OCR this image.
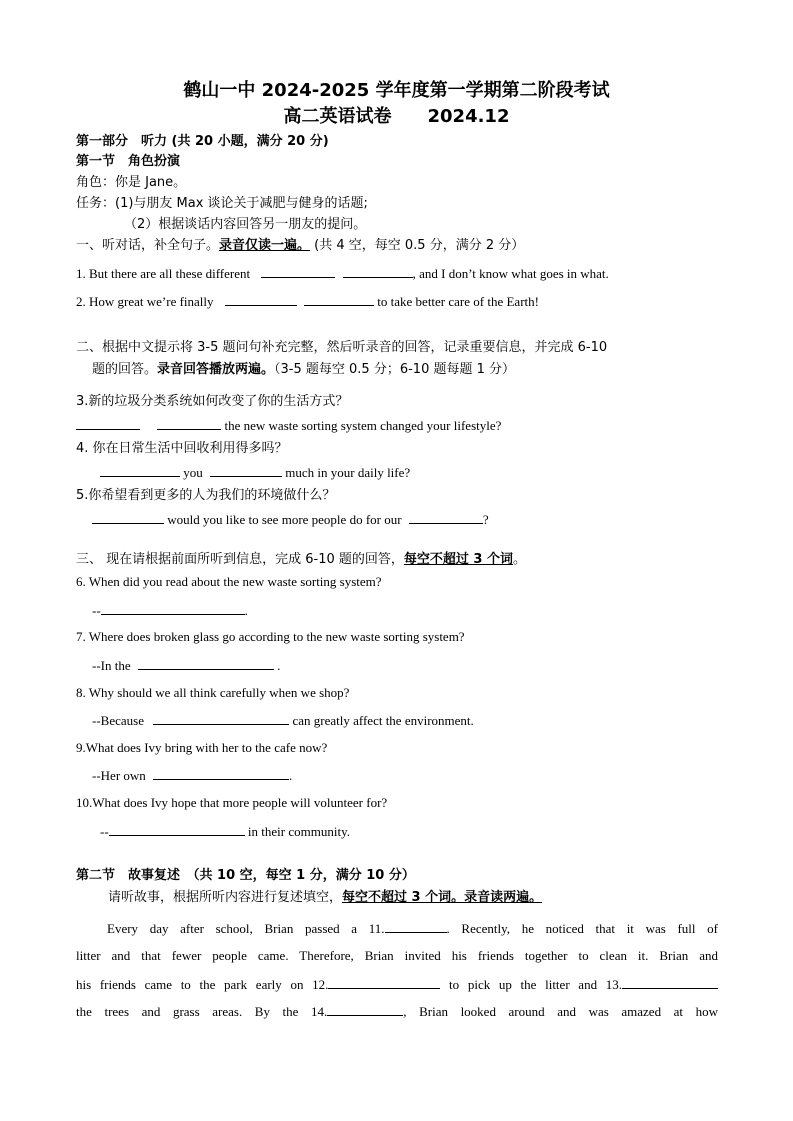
鹤山一中 2024-2025 学年度第一学期第二阶段考试
高二英语试卷　　2024.12
第一部分　听力 (共 20 小题，满分 20 分)
第一节　角色扮演
角色：你是 Jane。
任务：(1)与朋友 Max 谈论关于减肥与健身的话题;
（2）根据谈话内容回答另一朋友的提问。
一、听对话，补全句子。录音仅读一遍。 (共 4 空，每空 0.5 分，满分 2 分）
1. But there are all these different	, and I don’t know what goes in what.
2. How great we’re finally	to take better care of the Earth!
二、根据中文提示将 3-5 题问句补充完整，然后听录音的回答，记录重要信息，并完成 6-10
题的回答。录音回答播放两遍。（3-5 题每空 0.5 分；6-10 题每题 1 分）
3.新的垃圾分类系统如何改变了你的生活方式？
the new waste sorting system changed your lifestyle?
4. 你在日常生活中回收利用得多吗？
you	much in your daily life?
5.你希望看到更多的人为我们的环境做什么？
would you like to see more people do for our	?
三、 现在请根据前面所听到信息，完成 6-10 题的回答，每空不超过 3 个词。
6. When did you read about the new waste sorting system?
--	.
7. Where does broken glass go according to the new waste sorting system?
--In the	.
8. Why should we all think carefully when we shop?
--Because	can greatly affect the environment.
9.What does Ivy bring with her to the cafe now?
--Her own	.
10.What does Ivy hope that more people will volunteer for?
--	in their community.
第二节　故事复述　（共 10 空，每空 1 分，满分 10 分）
请听故事，根据所听内容进行复述填空，每空不超过 3 个词。录音读两遍。
Every day after school, Brian passed a 11.	. Recently, he noticed that it was full of
litter and that fewer people came. Therefore, Brian invited his friends together to clean it. Brian and
his friends came to the park early on 12.	to pick up the litter and 13.
the trees and grass areas. By the 14.	, Brian looked around and was amazed at how
